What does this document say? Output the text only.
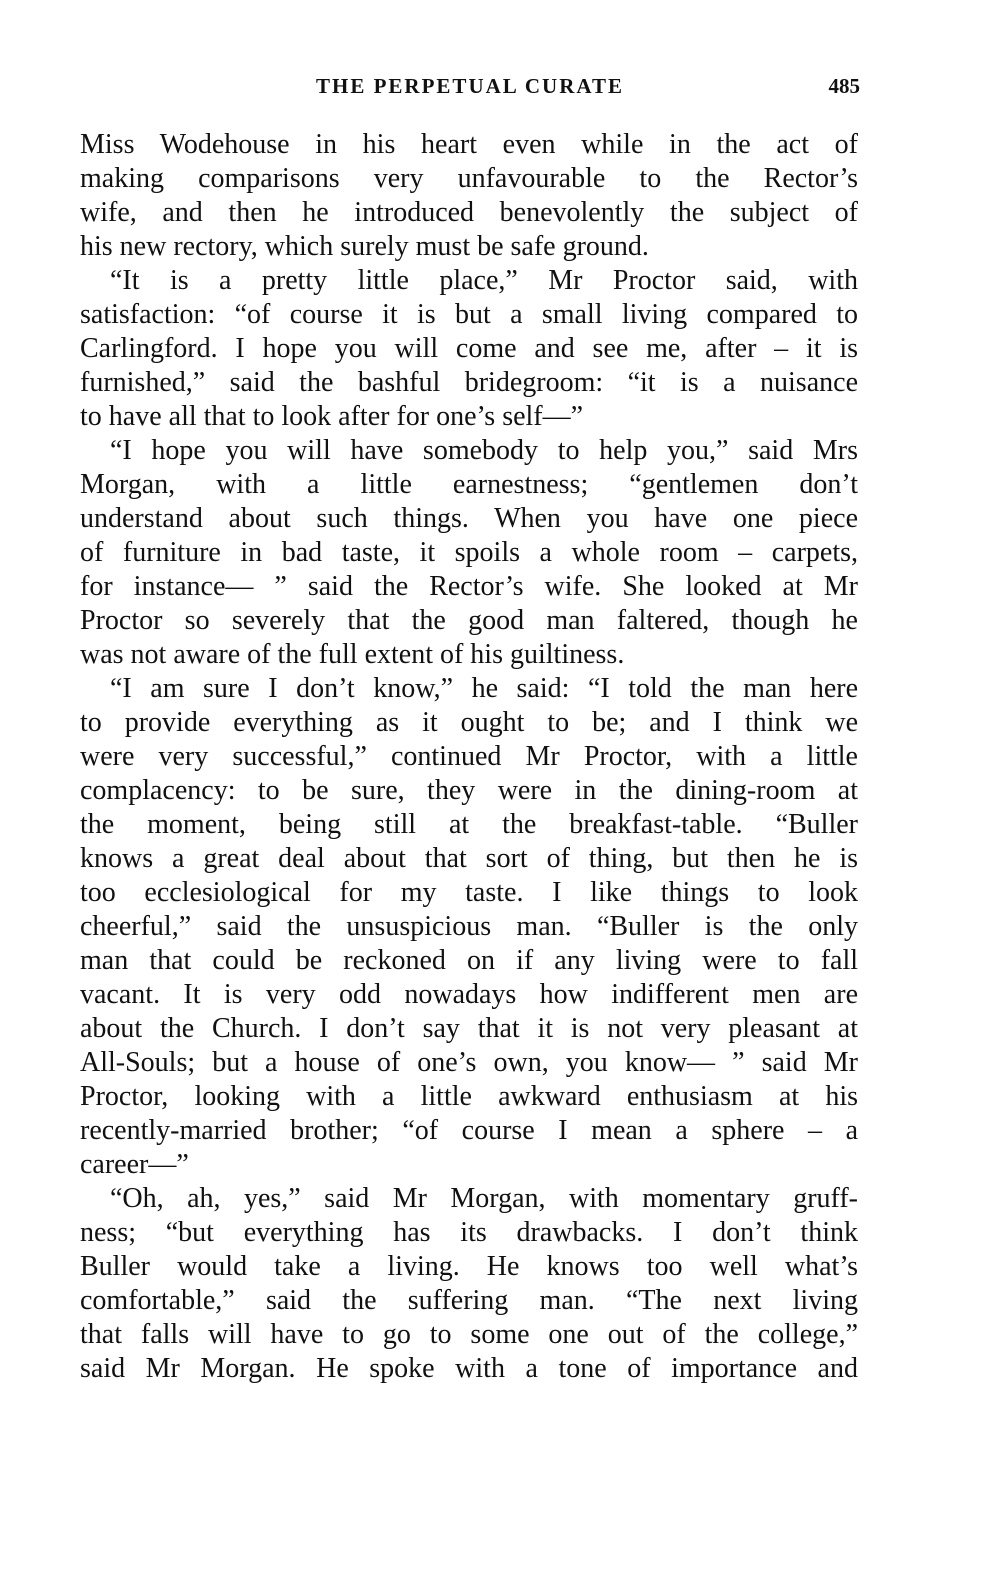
THE PERPETUAL CURATE	485
Miss Wodehouse in his heart even while in the act of
making comparisons very unfavourable to the Rector’s
wife, and then he introduced benevolently the subject of
his new rectory, which surely must be safe ground.
“It is a pretty little place,” Mr Proctor said, with
satisfaction: “of course it is but a small living compared to
Carlingford. I hope you will come and see me, after – it is
furnished,” said the bashful bridegroom: “it is a nuisance
to have all that to look after for one’s self—”
“I hope you will have somebody to help you,” said Mrs
Morgan, with a little earnestness; “gentlemen don’t
understand about such things. When you have one piece
of furniture in bad taste, it spoils a whole room – carpets,
for instance— ” said the Rector’s wife. She looked at Mr
Proctor so severely that the good man faltered, though he
was not aware of the full extent of his guiltiness.
“I am sure I don’t know,” he said: “I told the man here
to provide everything as it ought to be; and I think we
were very successful,” continued Mr Proctor, with a little
complacency: to be sure, they were in the dining-room at
the moment, being still at the breakfast-table. “Buller
knows a great deal about that sort of thing, but then he is
too ecclesiological for my taste. I like things to look
cheerful,” said the unsuspicious man. “Buller is the only
man that could be reckoned on if any living were to fall
vacant. It is very odd nowadays how indifferent men are
about the Church. I don’t say that it is not very pleasant at
All-Souls; but a house of one’s own, you know— ” said Mr
Proctor, looking with a little awkward enthusiasm at his
recently-married brother; “of course I mean a sphere – a
career—”
“Oh, ah, yes,” said Mr Morgan, with momentary gruff-
ness; “but everything has its drawbacks. I don’t think
Buller would take a living. He knows too well what’s
comfortable,” said the suffering man. “The next living
that falls will have to go to some one out of the college,”
said Mr Morgan. He spoke with a tone of importance and
